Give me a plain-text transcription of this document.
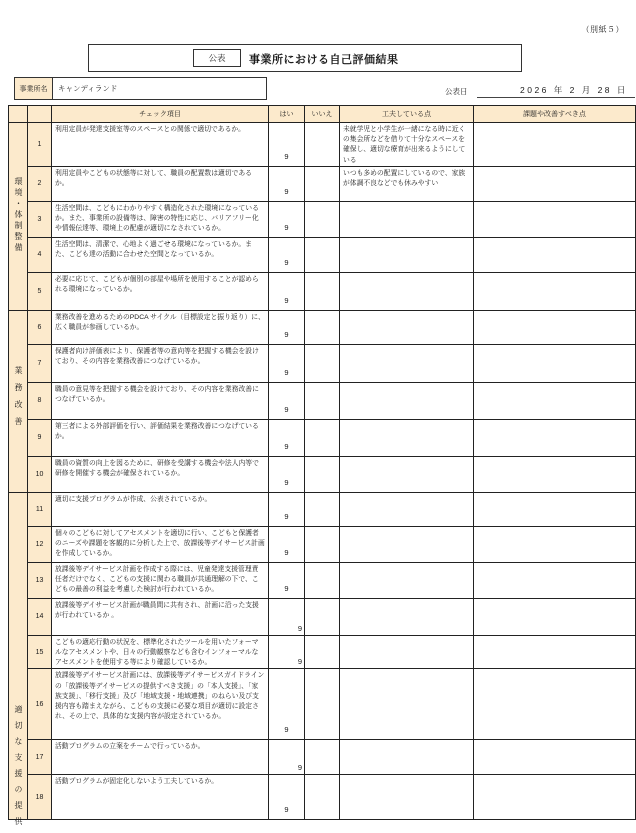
（別紙５）
公表	事業所における自己評価結果
事業所名	キャンディランド	公表日	2026 年 2 月 28 日
		チェック項目	はい	いいえ	工夫している点	課題や改善すべき点
環境・体制整備	1	利用定員が発達支援室等のスペースとの関係で適切であるか。	9		未就学児と小学生が一緒になる時に近くの集会所などを借りて十分なスペースを確保し、適切な療育が出来るようにしている	
	2	利用定員やこどもの状態等に対して、職員の配置数は適切であるか。	9		いつも多めの配置にしているので、家族が体調不良などでも休みやすい	
	3	生活空間は、こどもにわかりやすく構造化された環境になっているか。また、事業所の設備等は、障害の特性に応じ、バリアフリー化や情報伝達等、環境上の配慮が適切になされているか。	9			
	4	生活空間は、清潔で、心地よく過ごせる環境になっているか。また、こども達の活動に合わせた空間となっているか。	9			
	5	必要に応じて、こどもが個別の部屋や場所を使用することが認められる環境になっているか。	9			
業務改善	6	業務改善を進めるためのPDCA サイクル（目標設定と振り返り）に、広く職員が参画しているか。	9			
	7	保護者向け評価表により、保護者等の意向等を把握する機会を設けており、その内容を業務改善につなげているか。	9			
	8	職員の意見等を把握する機会を設けており、その内容を業務改善につなげているか。	9			
	9	第三者による外部評価を行い、評価結果を業務改善につなげているか。	9			
	10	職員の資質の向上を図るために、研修を受講する機会や法人内等で研修を開催する機会が確保されているか。	9			
適切な支援の提供	11	適切に支援プログラムが作成、公表されているか。	9			
	12	個々のこどもに対してアセスメントを適切に行い、こどもと保護者のニーズや課題を客観的に分析した上で、放課後等デイサービス計画を作成しているか。	9			
	13	放課後等デイサービス計画を作成する際には、児童発達支援管理責任者だけでなく、こどもの支援に関わる職員が共通理解の下で、こどもの最善の利益を考慮した検討が行われているか。	9			
	14	放課後等デイサービス計画が職員間に共有され、計画に沿った支援が行われているか 。	9			
	15	こどもの適応行動の状況を、標準化されたツールを用いたフォーマルなアセスメントや、日々の行動観察なども含むインフォーマルなアセスメントを使用する等により確認しているか。	9			
	16	放課後等デイサービス計画には、放課後等デイサービスガイドラインの「放課後等デイサービスの提供すべき支援」の「本人支援」、「家族支援」、「移行支援」及び「地域支援・地域連携」のねらい及び支援内容も踏まえながら、こどもの支援に必要な項目が適切に設定され、その上で、具体的な支援内容が設定されているか。	9			
	17	活動プログラムの立案をチームで行っているか。	9			
	18	活動プログラムが固定化しないよう工夫しているか。	9			
